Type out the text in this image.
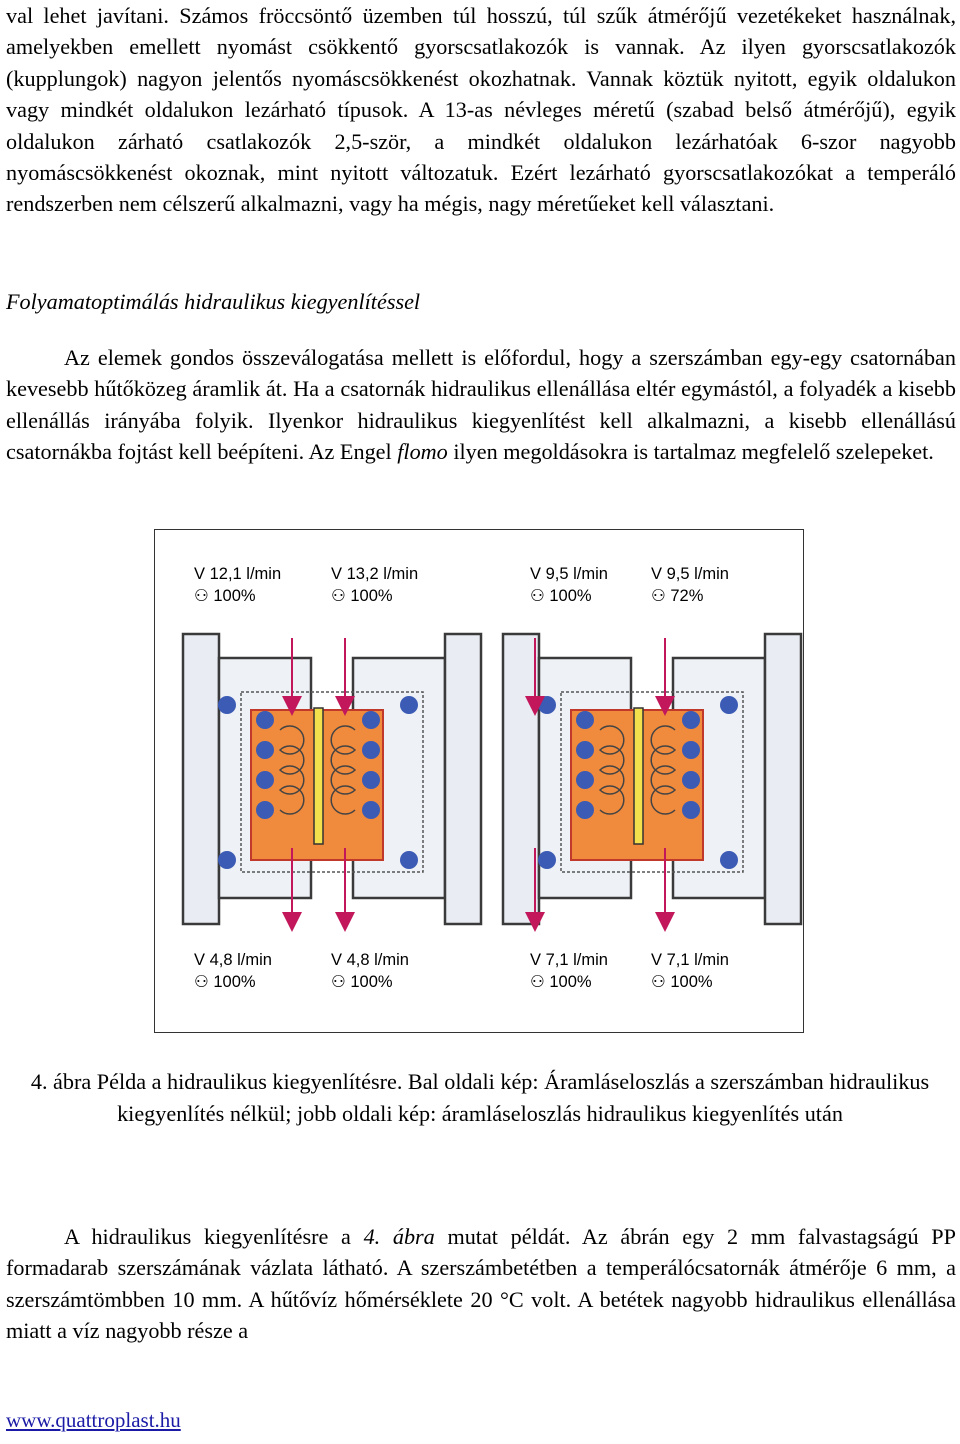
val lehet javítani. Számos fröccsöntő üzemben túl hosszú, túl szűk átmérőjű vezetékeket használnak, amelyekben emellett nyomást csökkentő gyorscsatlakozók is vannak. Az ilyen gyorscsatlakozók (kupplungok) nagyon jelentős nyomáscsökkenést okozhatnak. Vannak köztük nyitott, egyik oldalukon vagy mindkét oldalukon lezárható típusok. A 13-as névleges méretű (szabad belső átmérőjű), egyik oldalukon zárható csatlakozók 2,5-ször, a mindkét oldalukon lezárhatóak 6-szor nagyobb nyomáscsökkenést okoznak, mint nyitott változatuk. Ezért lezárható gyorscsatlakozókat a temperáló rendszerben nem célszerű alkalmazni, vagy ha mégis, nagy méretűeket kell választani.

Folyamatoptimálás hidraulikus kiegyenlítéssel

Az elemek gondos összeválogatása mellett is előfordul, hogy a szerszámban egy-egy csatornában kevesebb hűtőközeg áramlik át. Ha a csatornák hidraulikus ellenállása eltér egymástól, a folyadék a kisebb ellenállás irányába folyik. Ilyenkor hidraulikus kiegyenlítést kell alkalmazni, a kisebb ellenállású csatornákba fojtást kell beépíteni. Az Engel flomo ilyen megoldásokra is tartalmaz megfelelő szelepeket.

V 12,1 l/min
⚇ 100%
V 13,2 l/min
⚇ 100%
V 9,5 l/min
⚇ 100%
V 9,5 l/min
⚇ 72%
V 4,8 l/min
⚇ 100%
V 4,8 l/min
⚇ 100%
V 7,1 l/min
⚇ 100%
V 7,1 l/min
⚇ 100%

4. ábra Példa a hidraulikus kiegyenlítésre. Bal oldali kép: Áramláseloszlás a szerszámban hidraulikus kiegyenlítés nélkül; jobb oldali kép: áramláseloszlás hidraulikus kiegyenlítés után

A hidraulikus kiegyenlítésre a 4. ábra mutat példát. Az ábrán egy 2 mm falvastagságú PP formadarab szerszámának vázlata látható. A szerszámbetétben a temperálócsatornák átmérője 6 mm, a szerszámtömbben 10 mm. A hűtővíz hőmérséklete 20 °C volt. A betétek nagyobb hidraulikus ellenállása miatt a víz nagyobb része a

www.quattroplast.hu
